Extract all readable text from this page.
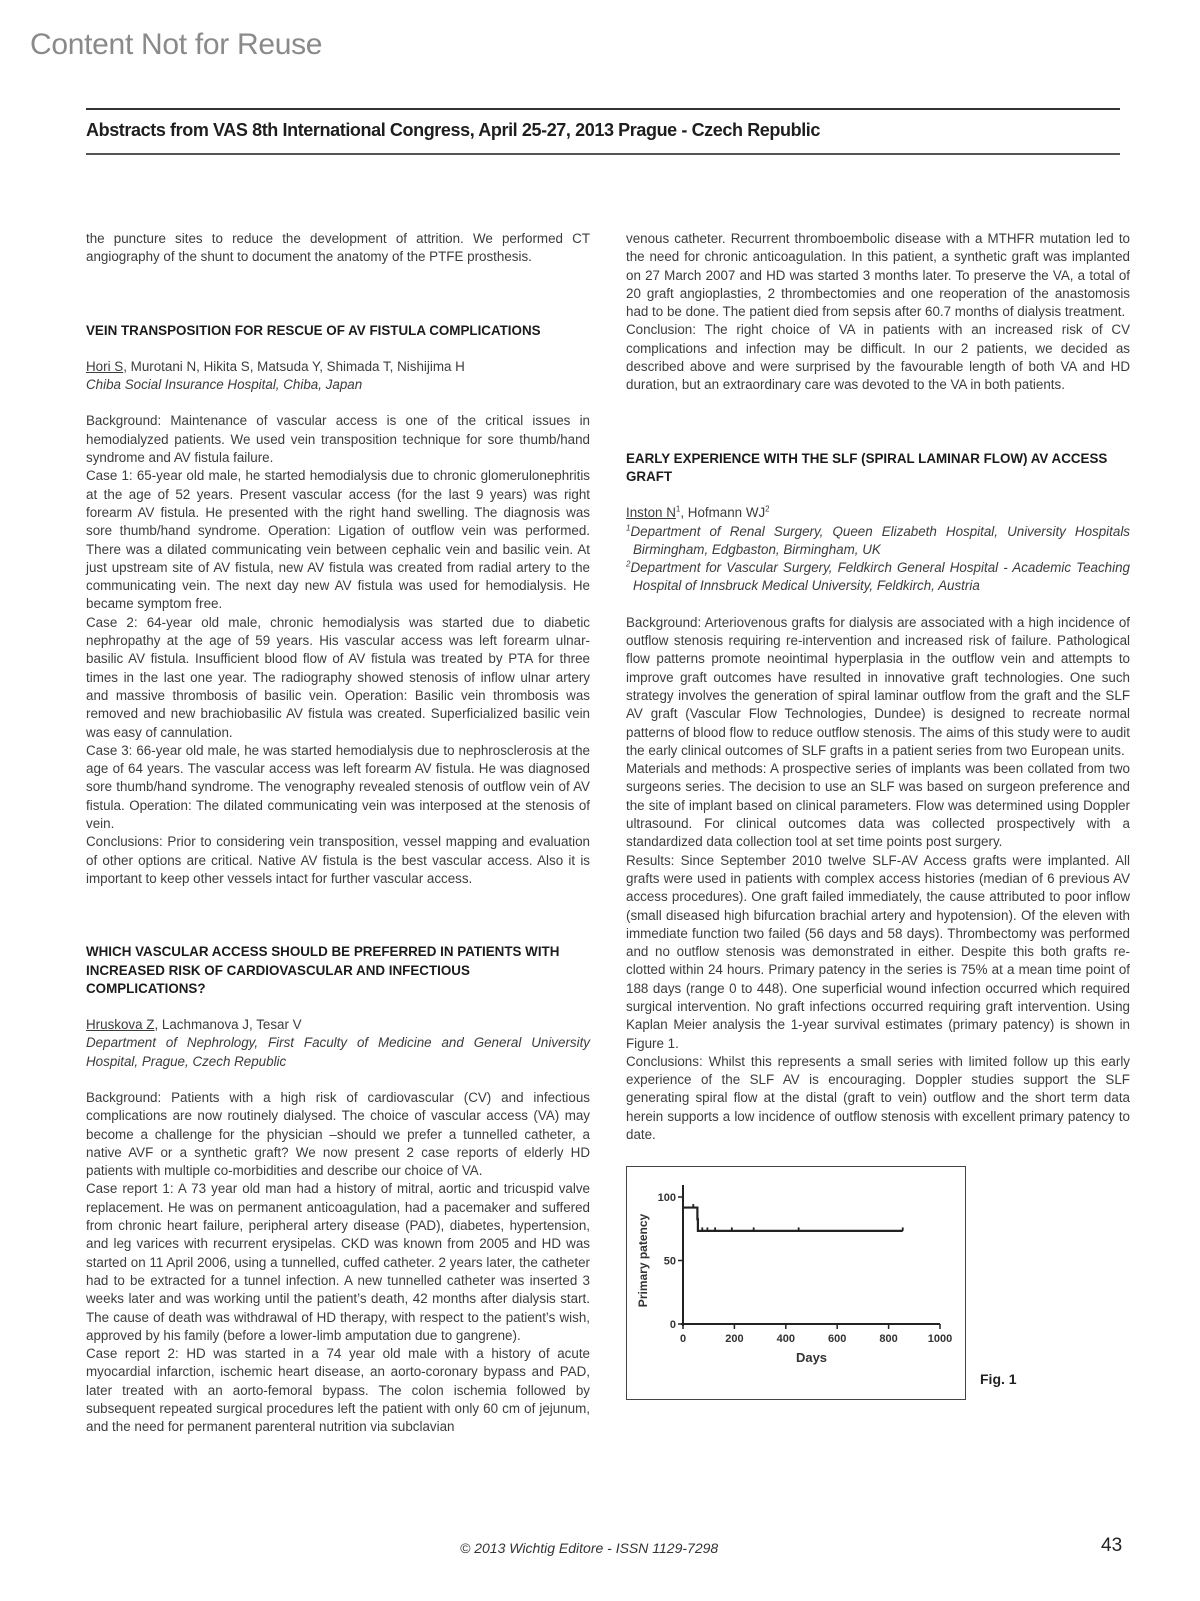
Content Not for Reuse
Abstracts from VAS 8th International Congress, April 25-27, 2013 Prague - Czech Republic

the puncture sites to reduce the development of attrition. We performed CT angiography of the shunt to document the anatomy of the PTFE prosthesis.

VEIN TRANSPOSITION FOR RESCUE OF AV FISTULA COMPLICATIONS

Hori S, Murotani N, Hikita S, Matsuda Y, Shimada T, Nishijima H

Chiba Social Insurance Hospital, Chiba, Japan

Background: Maintenance of vascular access is one of the critical issues in hemodialyzed patients. We used vein transposition technique for sore thumb/hand syndrome and AV fistula failure.

Case 1: 65-year old male, he started hemodialysis due to chronic glomerulonephritis at the age of 52 years. Present vascular access (for the last 9 years) was right forearm AV fistula. He presented with the right hand swelling. The diagnosis was sore thumb/hand syndrome. Operation: Ligation of outflow vein was performed. There was a dilated communicating vein between cephalic vein and basilic vein. At just upstream site of AV fistula, new AV fistula was created from radial artery to the communicating vein. The next day new AV fistula was used for hemodialysis. He became symptom free.

Case 2: 64-year old male, chronic hemodialysis was started due to diabetic nephropathy at the age of 59 years. His vascular access was left forearm ulnar-basilic AV fistula. Insufficient blood flow of AV fistula was treated by PTA for three times in the last one year. The radiography showed stenosis of inflow ulnar artery and massive thrombosis of basilic vein. Operation: Basilic vein thrombosis was removed and new brachiobasilic AV fistula was created. Superficialized basilic vein was easy of cannulation.

Case 3: 66-year old male, he was started hemodialysis due to nephrosclerosis at the age of 64 years. The vascular access was left forearm AV fistula. He was diagnosed sore thumb/hand syndrome. The venography revealed stenosis of outflow vein of AV fistula. Operation: The dilated communicating vein was interposed at the stenosis of vein.

Conclusions: Prior to considering vein transposition, vessel mapping and evaluation of other options are critical. Native AV fistula is the best vascular access. Also it is important to keep other vessels intact for further vascular access.

WHICH VASCULAR ACCESS SHOULD BE PREFERRED IN PATIENTS WITH INCREASED RISK OF CARDIOVASCULAR AND INFECTIOUS COMPLICATIONS?

Hruskova Z, Lachmanova J, Tesar V

Department of Nephrology, First Faculty of Medicine and General University Hospital, Prague, Czech Republic

Background: Patients with a high risk of cardiovascular (CV) and infectious complications are now routinely dialysed. The choice of vascular access (VA) may become a challenge for the physician –should we prefer a tunnelled catheter, a native AVF or a synthetic graft? We now present 2 case reports of elderly HD patients with multiple co-morbidities and describe our choice of VA.

Case report 1: A 73 year old man had a history of mitral, aortic and tricuspid valve replacement. He was on permanent anticoagulation, had a pacemaker and suffered from chronic heart failure, peripheral artery disease (PAD), diabetes, hypertension, and leg varices with recurrent erysipelas. CKD was known from 2005 and HD was started on 11 April 2006, using a tunnelled, cuffed catheter. 2 years later, the catheter had to be extracted for a tunnel infection. A new tunnelled catheter was inserted 3 weeks later and was working until the patient’s death, 42 months after dialysis start. The cause of death was withdrawal of HD therapy, with respect to the patient’s wish, approved by his family (before a lower-limb amputation due to gangrene).

Case report 2: HD was started in a 74 year old male with a history of acute myocardial infarction, ischemic heart disease, an aorto-coronary bypass and PAD, later treated with an aorto-femoral bypass. The colon ischemia followed by subsequent repeated surgical procedures left the patient with only 60 cm of jejunum, and the need for permanent parenteral nutrition via subclavian

venous catheter. Recurrent thromboembolic disease with a MTHFR mutation led to the need for chronic anticoagulation. In this patient, a synthetic graft was implanted on 27 March 2007 and HD was started 3 months later. To preserve the VA, a total of 20 graft angioplasties, 2 thrombectomies and one reoperation of the anastomosis had to be done. The patient died from sepsis after 60.7 months of dialysis treatment.

Conclusion: The right choice of VA in patients with an increased risk of CV complications and infection may be difficult. In our 2 patients, we decided as described above and were surprised by the favourable length of both VA and HD duration, but an extraordinary care was devoted to the VA in both patients.

EARLY EXPERIENCE WITH THE SLF (SPIRAL LAMINAR FLOW) AV ACCESS GRAFT

Inston $N^1$, Hofmann $WJ^2$

$^1$Department of Renal Surgery, Queen Elizabeth Hospital, University Hospitals Birmingham, Edgbaston, Birmingham, UK

$^2$Department for Vascular Surgery, Feldkirch General Hospital - Academic Teaching Hospital of Innsbruck Medical University, Feldkirch, Austria

Background: Arteriovenous grafts for dialysis are associated with a high incidence of outflow stenosis requiring re-intervention and increased risk of failure. Pathological flow patterns promote neointimal hyperplasia in the outflow vein and attempts to improve graft outcomes have resulted in innovative graft technologies. One such strategy involves the generation of spiral laminar outflow from the graft and the SLF AV graft (Vascular Flow Technologies, Dundee) is designed to recreate normal patterns of blood flow to reduce outflow stenosis. The aims of this study were to audit the early clinical outcomes of SLF grafts in a patient series from two European units.

Materials and methods: A prospective series of implants was been collated from two surgeons series. The decision to use an SLF was based on surgeon preference and the site of implant based on clinical parameters. Flow was determined using Doppler ultrasound. For clinical outcomes data was collected prospectively with a standardized data collection tool at set time points post surgery.

Results: Since September 2010 twelve SLF-AV Access grafts were implanted. All grafts were used in patients with complex access histories (median of 6 previous AV access procedures). One graft failed immediately, the cause attributed to poor inflow (small diseased high bifurcation brachial artery and hypotension). Of the eleven with immediate function two failed (56 days and 58 days). Thrombectomy was performed and no outflow stenosis was demonstrated in either. Despite this both grafts re-clotted within 24 hours. Primary patency in the series is 75% at a mean time point of 188 days (range 0 to 448). One superficial wound infection occurred which required surgical intervention. No graft infections occurred requiring graft intervention. Using Kaplan Meier analysis the 1-year survival estimates (primary patency) is shown in Figure 1.

Conclusions: Whilst this represents a small series with limited follow up this early experience of the SLF AV is encouraging. Doppler studies support the SLF generating spiral flow at the distal (graft to vein) outflow and the short term data herein supports a low incidence of outflow stenosis with excellent primary patency to date.

0	200	400	600	800	1000
0
50
100
Days
Primary patency
Fig. 1
© 2013 Wichtig Editore - ISSN 1129-7298	43
